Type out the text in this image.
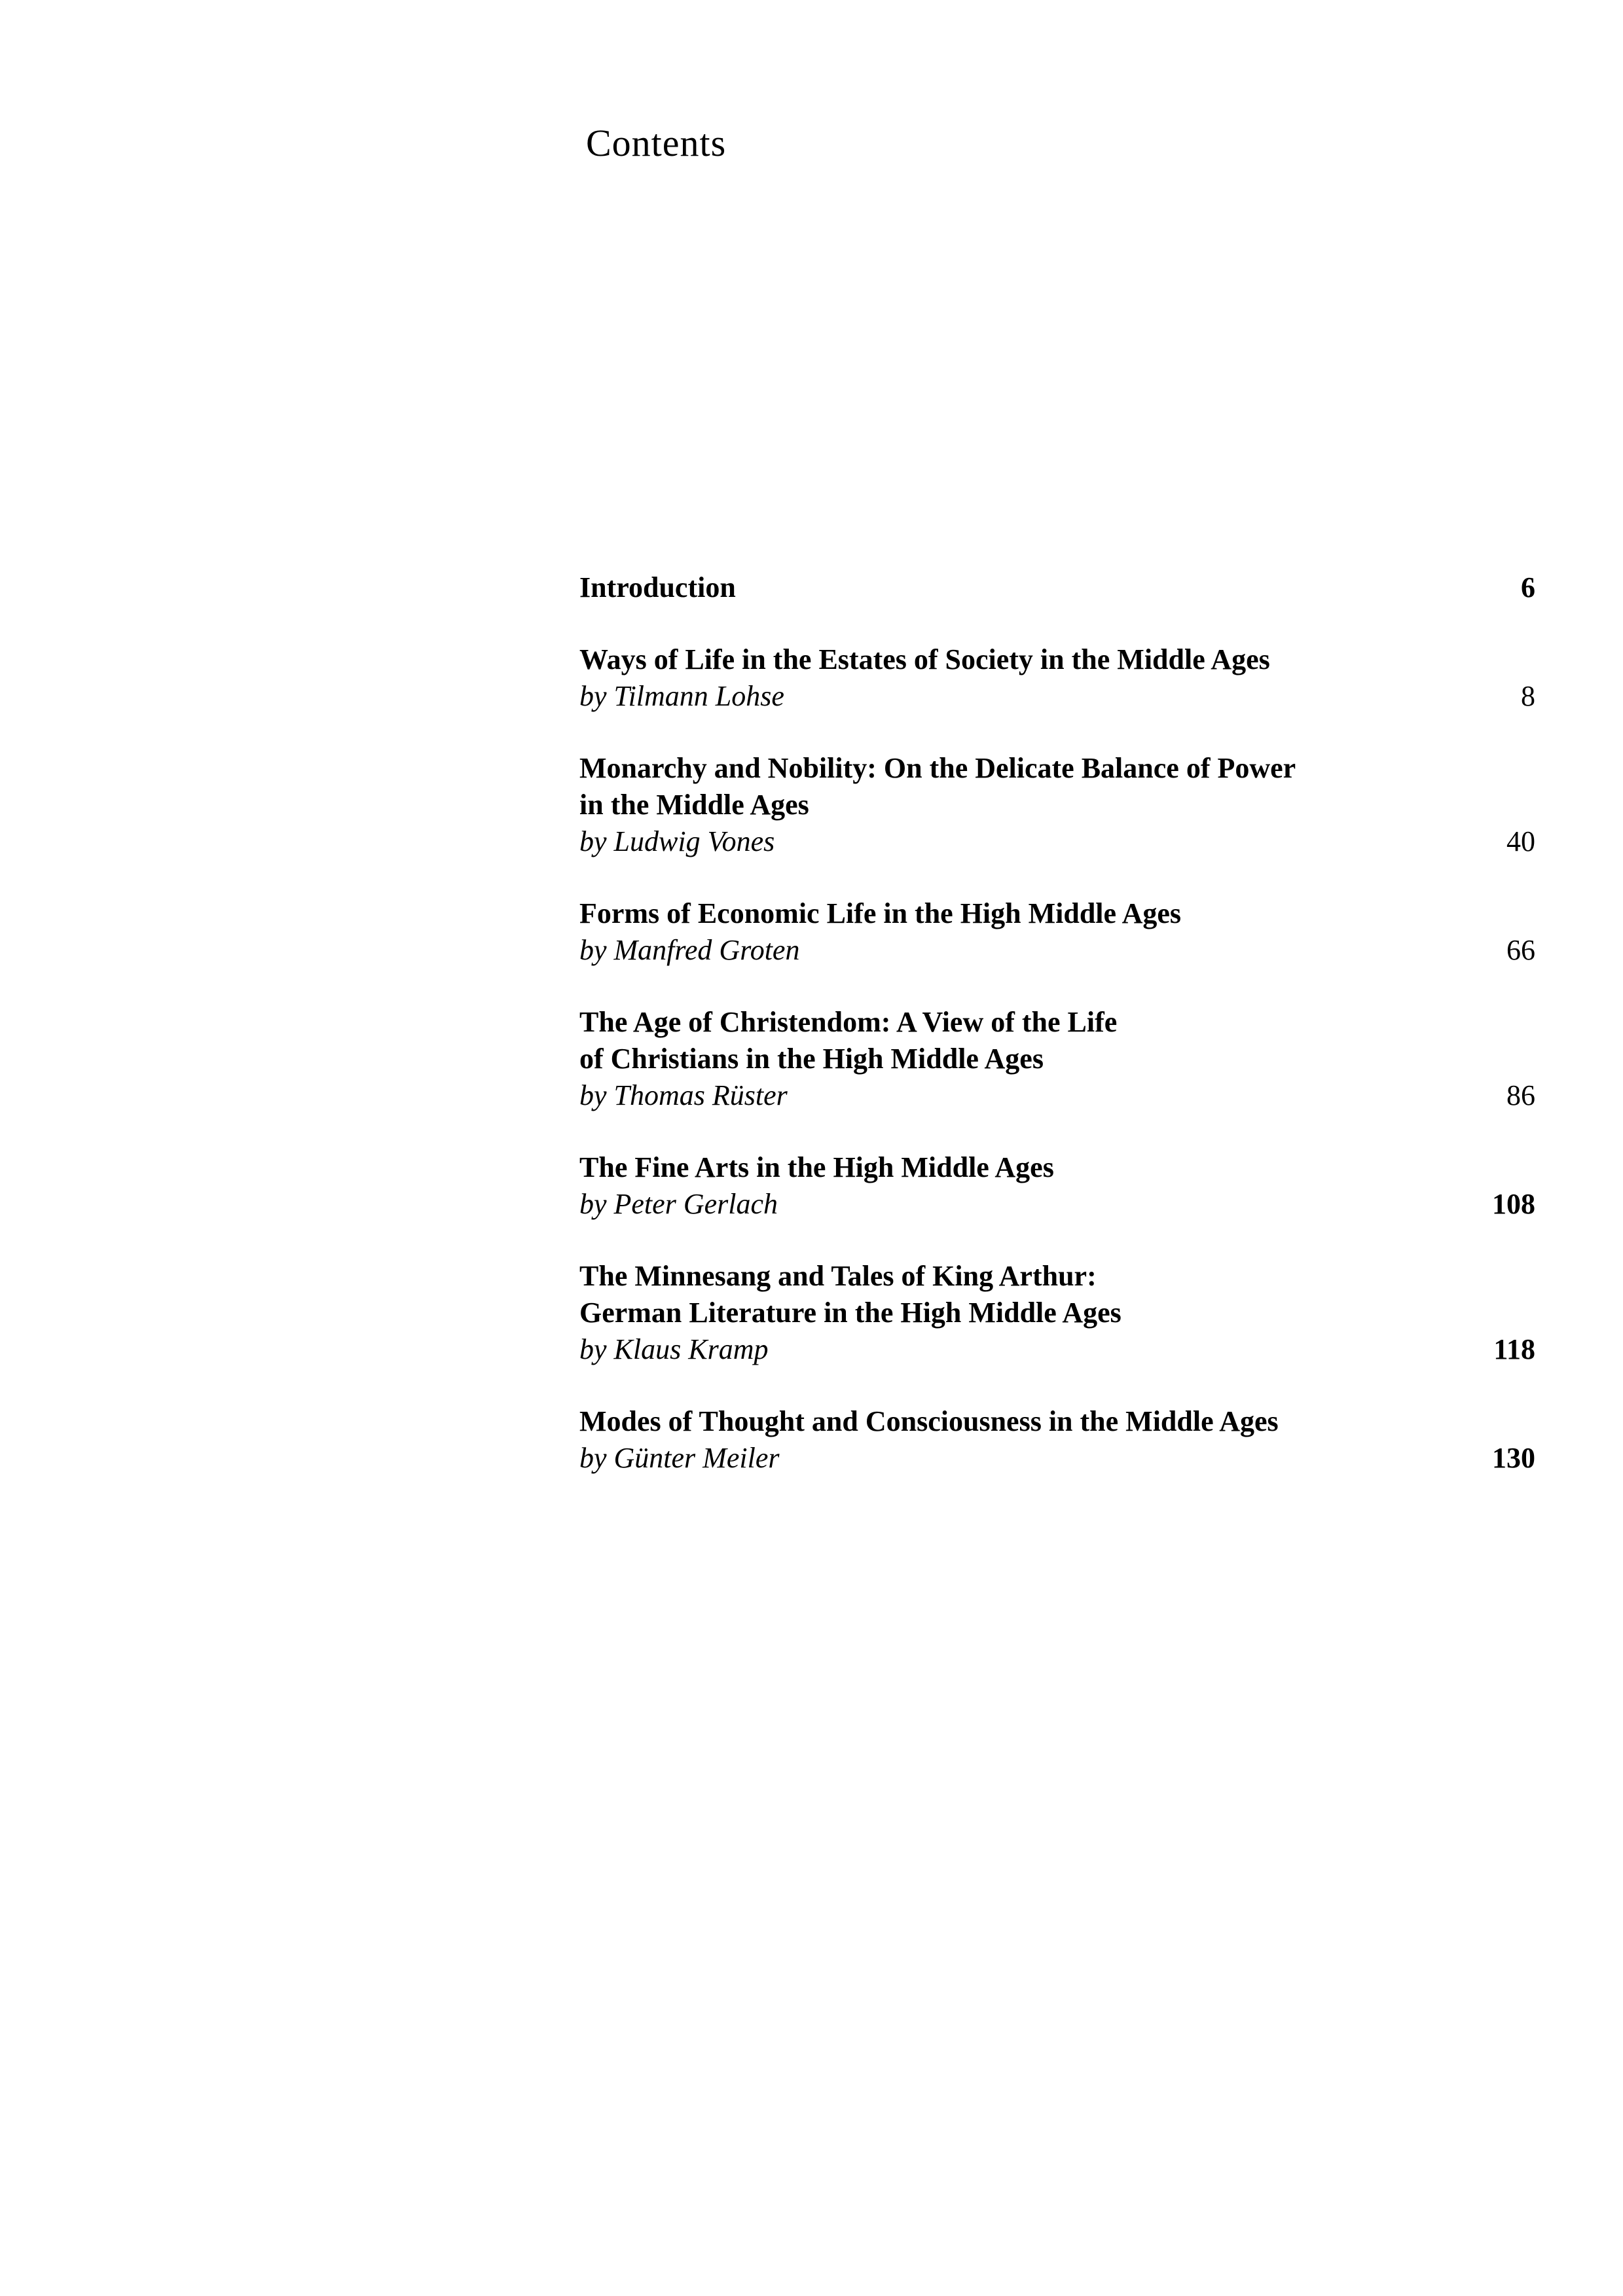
Contents
Introduction	6
Ways of Life in the Estates of Society in the Middle Ages
by Tilmann Lohse	8
Monarchy and Nobility: On the Delicate Balance of Power
in the Middle Ages
by Ludwig Vones	40
Forms of Economic Life in the High Middle Ages
by Manfred Groten	66
The Age of Christendom: A View of the Life
of Christians in the High Middle Ages
by Thomas Rüster	86
The Fine Arts in the High Middle Ages
by Peter Gerlach	108
The Minnesang and Tales of King Arthur:
German Literature in the High Middle Ages
by Klaus Kramp	118
Modes of Thought and Consciousness in the Middle Ages
by Günter Meiler	130
